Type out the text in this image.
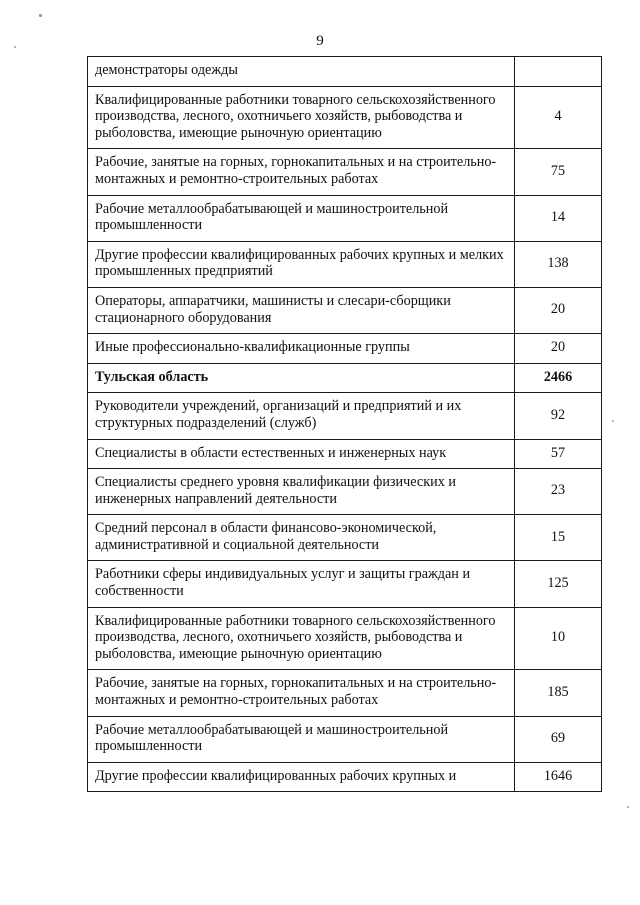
9
демонстраторы одежды	
Квалифицированные работники товарного сельскохозяйственного производства, лесного, охотничьего хозяйств, рыбоводства и рыболовства, имеющие рыночную ориентацию	4
Рабочие, занятые на горных, горнокапитальных и на строительно-монтажных и ремонтно-строительных работах	75
Рабочие металлообрабатывающей и машиностроительной промышленности	14
Другие профессии квалифицированных рабочих крупных и мелких промышленных предприятий	138
Операторы, аппаратчики, машинисты и слесари-сборщики стационарного оборудования	20
Иные профессионально-квалификационные группы	20
Тульская область	2466
Руководители учреждений, организаций и предприятий и их структурных подразделений (служб)	92
Специалисты в области естественных и инженерных наук	57
Специалисты среднего уровня квалификации физических и инженерных направлений деятельности	23
Средний персонал в области финансово-экономической, административной и социальной деятельности	15
Работники сферы индивидуальных услуг и защиты граждан и собственности	125
Квалифицированные работники товарного сельскохозяйственного производства, лесного, охотничьего хозяйств, рыбоводства и рыболовства, имеющие рыночную ориентацию	10
Рабочие, занятые на горных, горнокапитальных и на строительно-монтажных и ремонтно-строительных работах	185
Рабочие металлообрабатывающей и машиностроительной промышленности	69
Другие профессии квалифицированных рабочих крупных и	1646
